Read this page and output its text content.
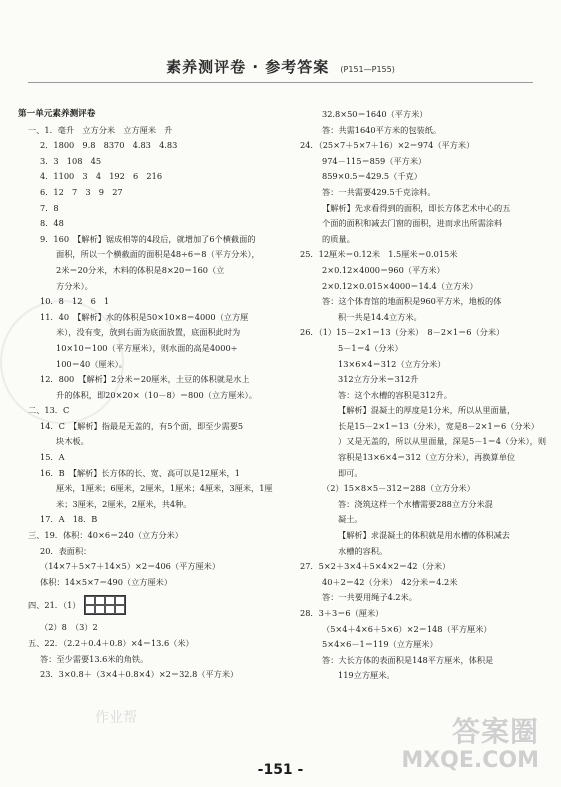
素养测评卷 · 参考答案 (P151—P155)
第一单元素养测评卷
一、1．毫升　立方分米　立方厘米　升
2．1800　9.8　8370　4.83　4.83
3．3　108　45
4．1100　3　4　192　6　216
6．12　7　3　9　27
7．8
8．48
9．160　【解析】锯成相等的4段后，就增加了6个横截面的
面积，所以一个横截面的面积是48÷6＝8（平方分米），
2米＝20分米，木料的体积是8×20＝160（立
方分米）。
10．8　12　6　1
11．40　【解析】水的体积是50×10×8＝4000（立方厘
米），没有变，放到右面为底面放置，底面积此时为
10×10＝100（平方厘米），则水面的高是4000÷
100＝40（厘米）。
12．800　【解析】2分米＝20厘米，土豆的体积就是水上
升的体积，即20×20×（10－8）＝800（立方厘米）。
二、13．C
14．C　【解析】指最是无盖的，有5个面，即至少需要5
块木板。
15．A
16．B　【解析】长方体的长、宽、高可以是12厘米，1
厘米，1厘米；6厘米，2厘米，1厘米；4厘米，3厘米，1厘
米；3厘米，2厘米，2厘米，共4种。
17．A　18．B
三、19．体积：40×6＝240（立方分米）
20．表面积：
（14×7＋5×7＋14×5）×2＝406（平方厘米）
体积：14×5×7＝490（立方厘米）
四、21．（1）
（2）8　（3）2
五、22．（2.2＋0.4＋0.8）×4＝13.6（米）
答：至少需要13.6米的角铁。
23．3×0.8＋（3×4＋0.8×4）×2＝32.8（平方米）
32.8×50＝1640（平方米）
答：共需1640平方米的包装纸。
24．（25×7＋5×7＋16）×2＝974（平方米）
974－115＝859（平方米）
859×0.5＝429.5（千克）
答：一共需要429.5千克涂料。
【解析】先求看得到的面积，即长方体艺术中心的五
个面的面积和减去门窗的面积，进而求出所需涂料
的质量。
25．12厘米＝0.12米　1.5厘米＝0.015米
2×0.12×4000＝960（平方米）
2×0.12×0.015×4000＝14.4（立方米）
答：这个体育馆的地面积是960平方米，地板的体
积一共是14.4立方米。
26．（1）15－2×1＝13（分米）　8－2×1＝6（分米）
5－1＝4（分米）
13×6×4＝312（立方分米）
312立方分米＝312升
答：这个水槽的容积是312升。
【解析】混凝土的厚度是1分米，所以从里面量，
长是15－2×1＝13（分米），宽是8－2×1＝6（分米）
）又是无盖的，所以从里面量，深是5－1＝4（分米），则
容积是13×6×4＝312（立方分米），再换算单位
即可。
（2）15×8×5－312＝288（立方分米）
答：浇筑这样一个水槽需要288立方分米混
凝土。
【解析】求混凝土的体积就是用水槽的体积减去
水槽的容积。
27．5×2＋3×4＋5×4×2＝42（分米）
40＋2＝42（分米）　42分米＝4.2米
答：一共要用绳子4.2米。
28．3＋3＝6（厘米）
（5×4＋4×6＋5×6）×2＝148（平方厘米）
5×4×6－1＝119（立方厘米）
答：大长方体的表面积是148平方厘米，体积是
119立方厘米。
作业帮	答案圈
MXQE.COM
-151 -
